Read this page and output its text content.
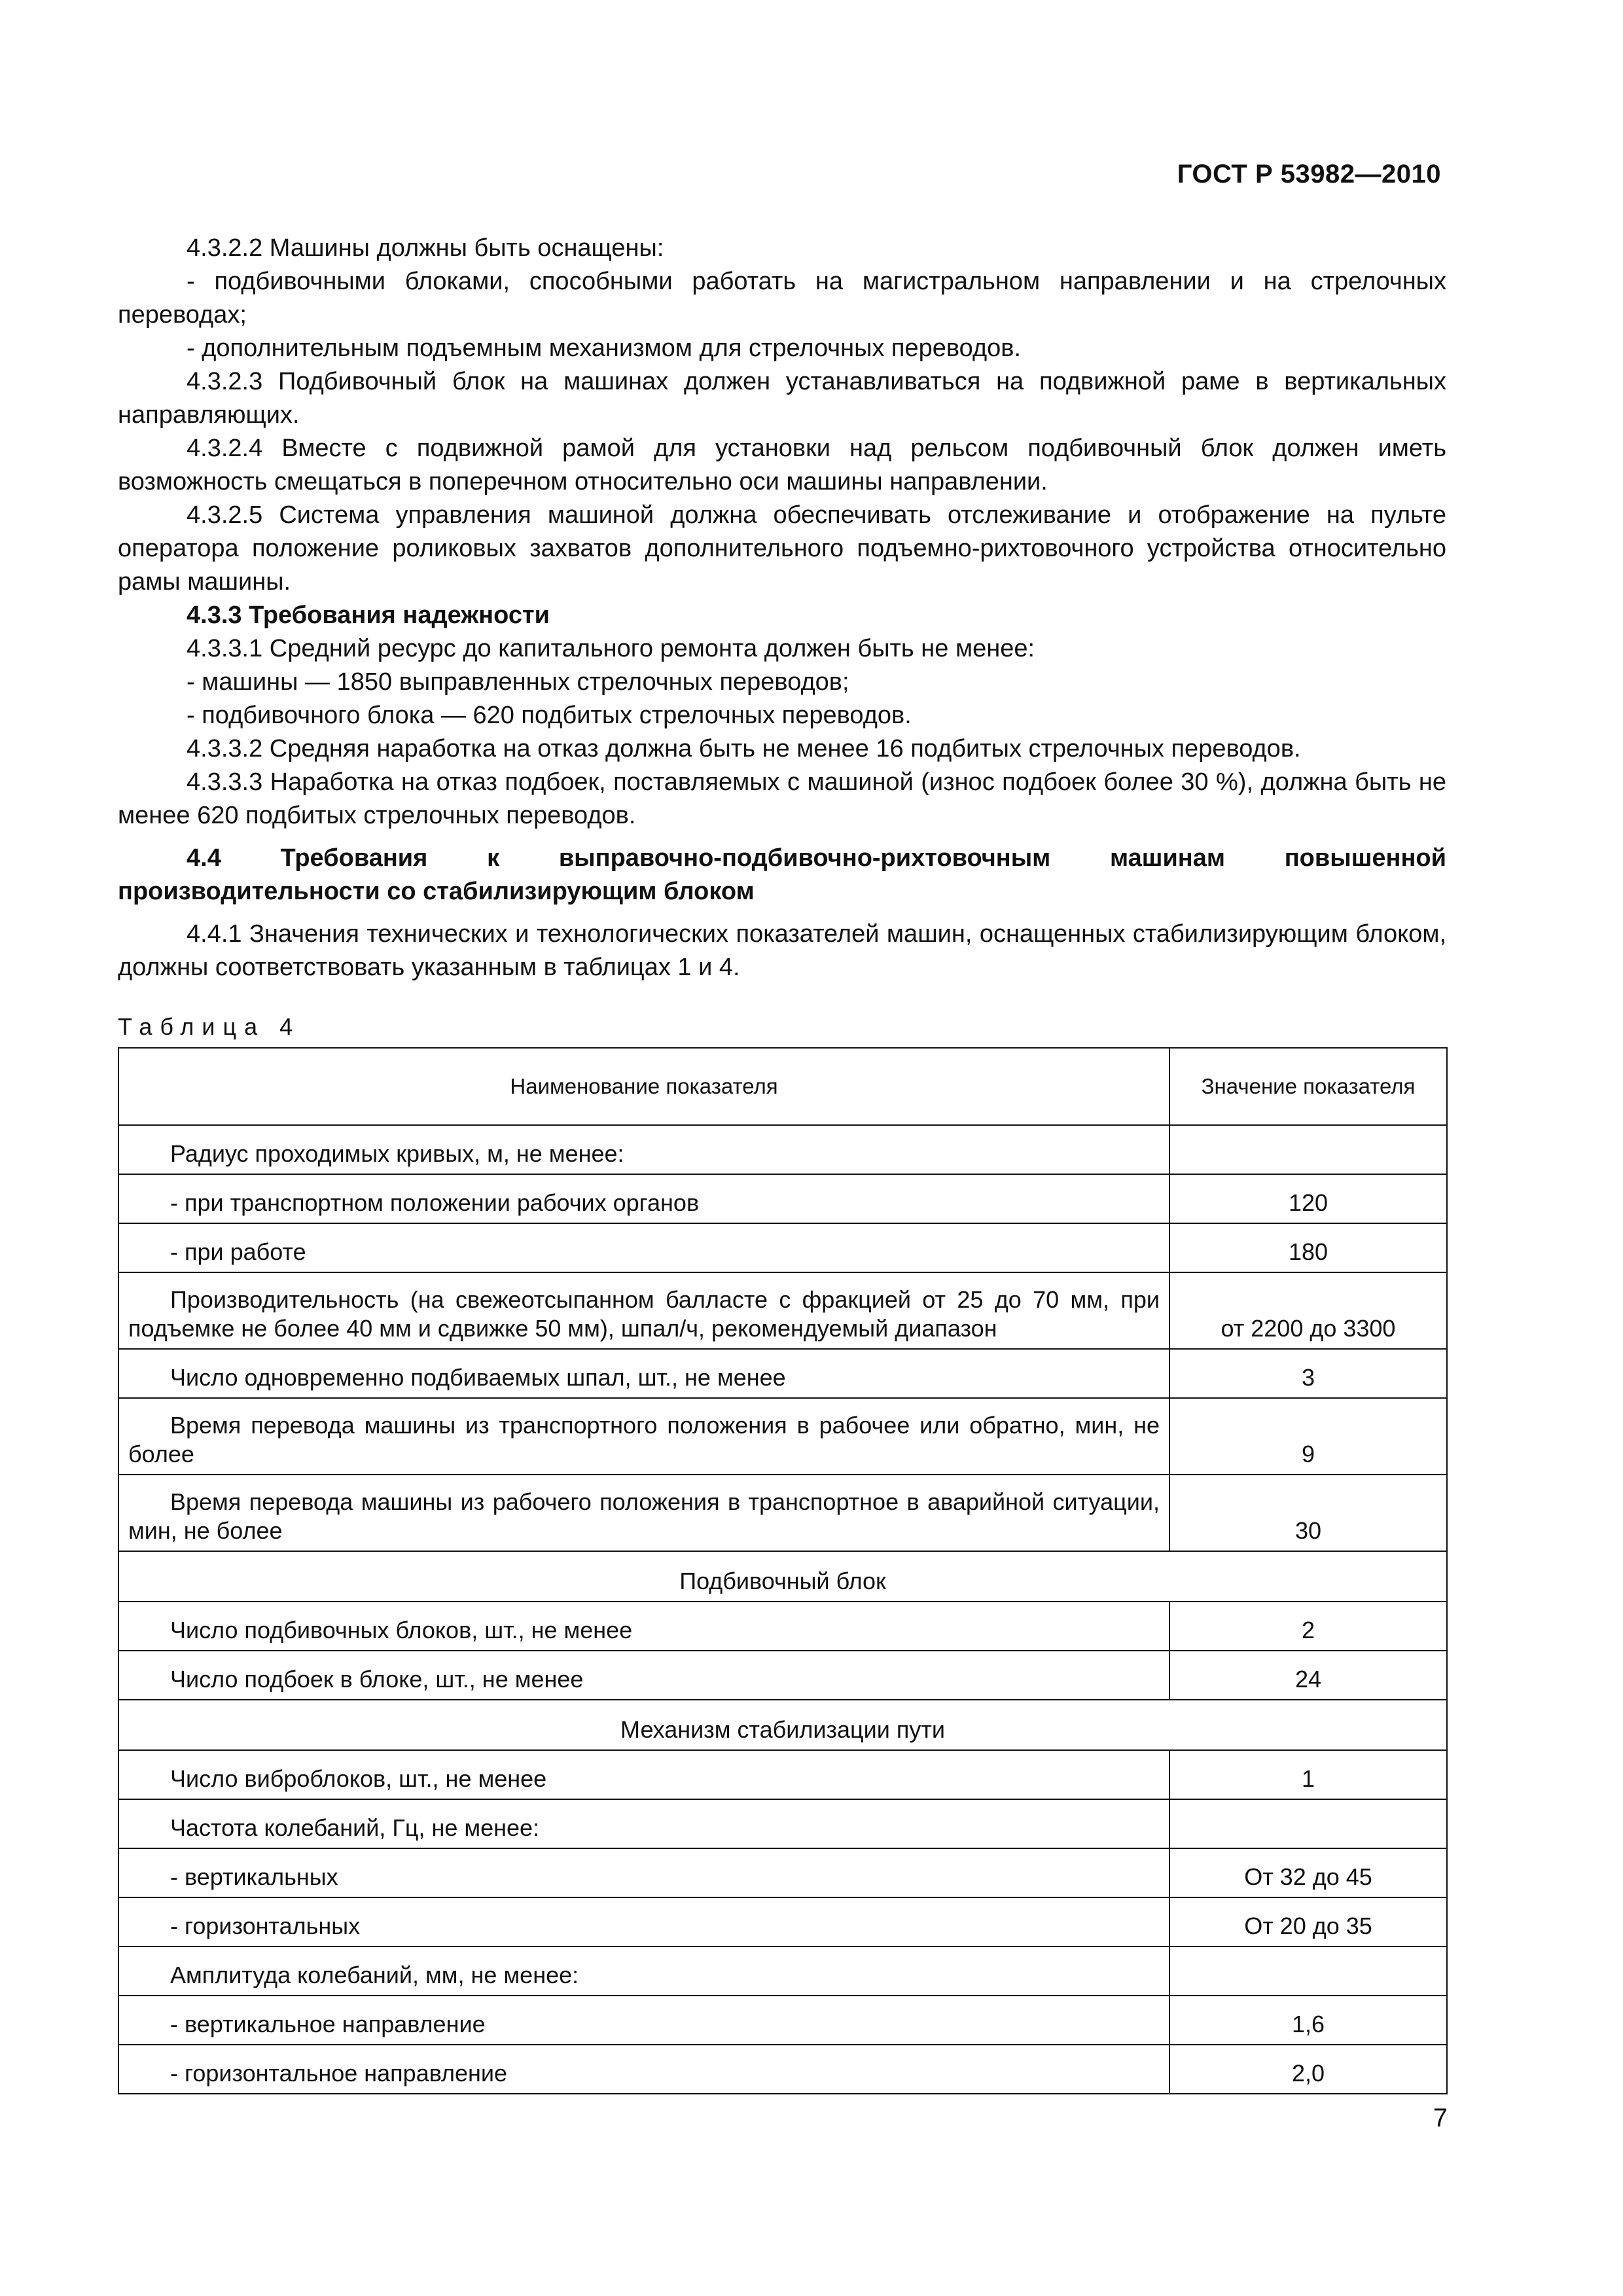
ГОСТ Р 53982—2010

4.3.2.2 Машины должны быть оснащены:

- подбивочными блоками, способными работать на магистральном направлении и на стрелочных переводах;

- дополнительным подъемным механизмом для стрелочных переводов.

4.3.2.3 Подбивочный блок на машинах должен устанавливаться на подвижной раме в вертикальных направляющих.

4.3.2.4 Вместе с подвижной рамой для установки над рельсом подбивочный блок должен иметь возможность смещаться в поперечном относительно оси машины направлении.

4.3.2.5 Система управления машиной должна обеспечивать отслеживание и отображение на пульте оператора положение роликовых захватов дополнительного подъемно-рихтовочного устройства относительно рамы машины.

4.3.3 Требования надежности

4.3.3.1 Средний ресурс до капитального ремонта должен быть не менее:

- машины — 1850 выправленных стрелочных переводов;

- подбивочного блока — 620 подбитых стрелочных переводов.

4.3.3.2 Средняя наработка на отказ должна быть не менее 16 подбитых стрелочных переводов.

4.3.3.3 Наработка на отказ подбоек, поставляемых с машиной (износ подбоек более 30 %), должна быть не менее 620 подбитых стрелочных переводов.

4.4 Требования к выправочно-подбивочно-рихтовочным машинам повышенной производительности со стабилизирующим блоком

4.4.1 Значения технических и технологических показателей машин, оснащенных стабилизирующим блоком, должны соответствовать указанным в таблицах 1 и 4.

Таблица 4
Наименование показателя	Значение показателя
Радиус проходимых кривых, м, не менее:	
- при транспортном положении рабочих органов	120
- при работе	180
Производительность (на свежеотсыпанном балласте с фракцией от 25 до 70 мм, при подъемке не более 40 мм и сдвижке 50 мм), шпал/ч, рекомендуемый диапазон	от 2200 до 3300
Число одновременно подбиваемых шпал, шт., не менее	3
Время перевода машины из транспортного положения в рабочее или обратно, мин, не более	9
Время перевода машины из рабочего положения в транспортное в аварийной ситуации, мин, не более	30
Подбивочный блок	
Число подбивочных блоков, шт., не менее	2
Число подбоек в блоке, шт., не менее	24
Механизм стабилизации пути	
Число виброблоков, шт., не менее	1
Частота колебаний, Гц, не менее:	
- вертикальных	От 32 до 45
- горизонтальных	От 20 до 35
Амплитуда колебаний, мм, не менее:	
- вертикальное направление	1,6
- горизонтальное направление	2,0
7
